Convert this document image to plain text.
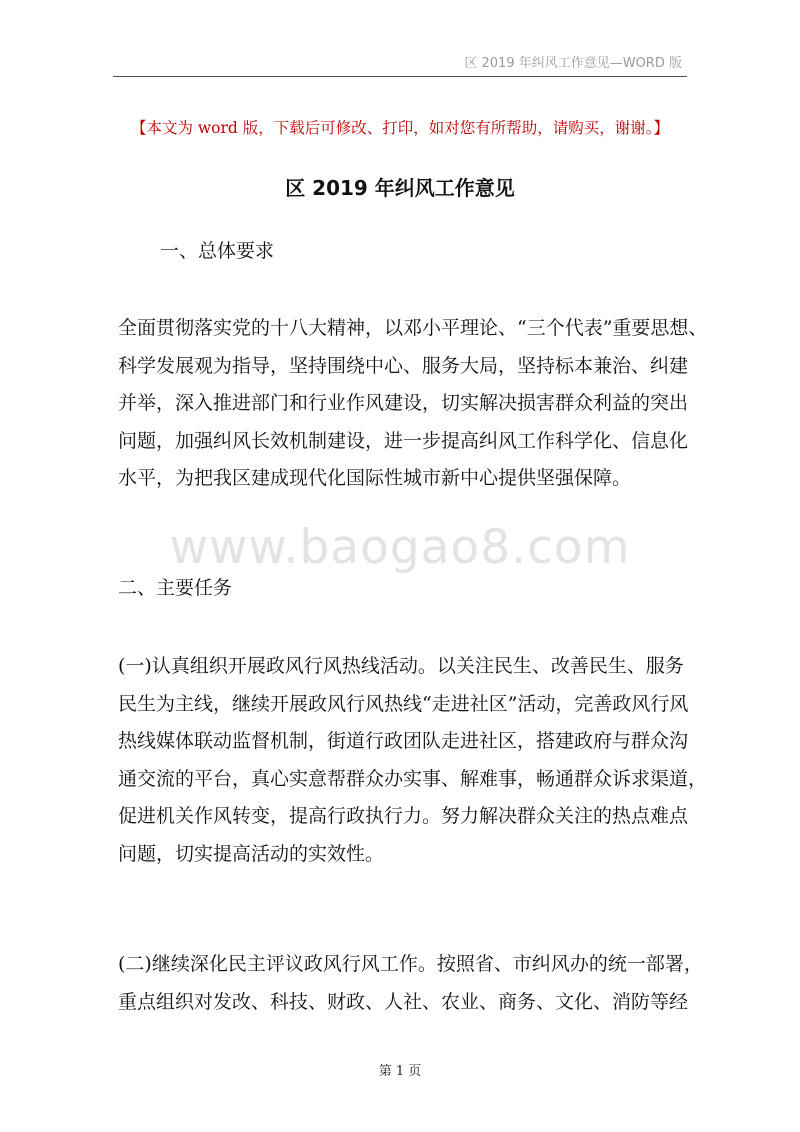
区 2019 年纠风工作意见—WORD 版
【本文为 word 版，下载后可修改、打印，如对您有所帮助，请购买，谢谢。】
区 2019 年纠风工作意见
一、总体要求
全面贯彻落实党的十八大精神，以邓小平理论、“三个代表”重要思想、
科学发展观为指导，坚持围绕中心、服务大局，坚持标本兼治、纠建
并举，深入推进部门和行业作风建设，切实解决损害群众利益的突出
问题，加强纠风长效机制建设，进一步提高纠风工作科学化、信息化
水平，为把我区建成现代化国际性城市新中心提供坚强保障。
www.baogao8.com
二、主要任务
(一)认真组织开展政风行风热线活动。以关注民生、改善民生、服务
民生为主线，继续开展政风行风热线“走进社区”活动，完善政风行风
热线媒体联动监督机制，街道行政团队走进社区，搭建政府与群众沟
通交流的平台，真心实意帮群众办实事、解难事，畅通群众诉求渠道，
促进机关作风转变，提高行政执行力。努力解决群众关注的热点难点
问题，切实提高活动的实效性。
(二)继续深化民主评议政风行风工作。按照省、市纠风办的统一部署，
重点组织对发改、科技、财政、人社、农业、商务、文化、消防等经
第 1 页
